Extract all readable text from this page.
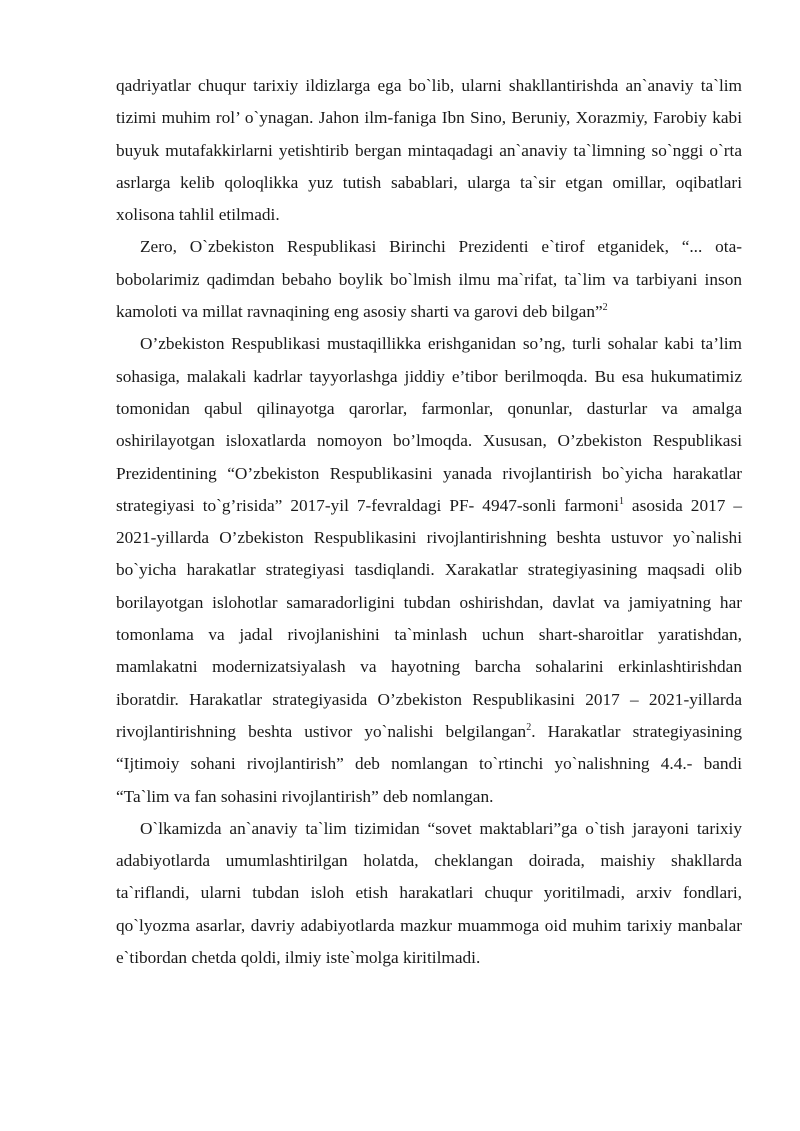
qadriyatlar chuqur tarixiy ildizlarga ega bo`lib, ularni shakllantirishda an`anaviy ta`lim tizimi muhim rol’ o`ynagan. Jahon ilm-faniga Ibn Sino, Beruniy, Xorazmiy, Farobiy kabi buyuk mutafakkirlarni yetishtirib bergan mintaqadagi an`anaviy ta`limning so`nggi o`rta asrlarga kelib qoloqlikka yuz tutish sabablari, ularga ta`sir etgan omillar, oqibatlari xolisona tahlil etilmadi.

Zero, O`zbekiston Respublikasi Birinchi Prezidenti e`tirof etganidek, “... ota-bobolarimiz qadimdan bebaho boylik bo`lmish ilmu ma`rifat, ta`lim va tarbiyani inson kamoloti va millat ravnaqining eng asosiy sharti va garovi deb bilgan”$^2$

O’zbekiston Respublikasi mustaqillikka erishganidan so’ng, turli sohalar kabi ta’lim sohasiga, malakali kadrlar tayyorlashga jiddiy e’tibor berilmoqda. Bu esa hukumatimiz tomonidan qabul qilinayotga qarorlar, farmonlar, qonunlar, dasturlar va amalga oshirilayotgan isloxatlarda nomoyon bo’lmoqda. Xususan, O’zbekiston Respublikasi Prezidentining “O’zbekiston Respublikasini yanada rivojlantirish bo`yicha harakatlar strategiyasi to`g’risida” 2017-yil 7-fevraldagi PF- 4947-sonli farmoni$^1$ asosida 2017 – 2021-yillarda O’zbekiston Respublikasini rivojlantirishning beshta ustuvor yo`nalishi bo`yicha harakatlar strategiyasi tasdiqlandi. Xarakatlar strategiyasining maqsadi olib borilayotgan islohotlar samaradorligini tubdan oshirishdan, davlat va jamiyatning har tomonlama va jadal rivojlanishini ta`minlash uchun shart-sharoitlar yaratishdan, mamlakatni modernizatsiyalash va hayotning barcha sohalarini erkinlashtirishdan iboratdir. Harakatlar strategiyasida O’zbekiston Respublikasini 2017 – 2021-yillarda rivojlantirishning beshta ustivor yo`nalishi belgilangan$^2$. Harakatlar strategiyasining “Ijtimoiy sohani rivojlantirish” deb nomlangan to`rtinchi yo`nalishning 4.4.- bandi “Ta`lim va fan sohasini rivojlantirish” deb nomlangan.

O`lkamizda an`anaviy ta`lim tizimidan “sovet maktablari”ga o`tish jarayoni tarixiy adabiyotlarda umumlashtirilgan holatda, cheklangan doirada, maishiy shakllarda ta`riflandi, ularni tubdan isloh etish harakatlari chuqur yoritilmadi, arxiv fondlari, qo`lyozma asarlar, davriy adabiyotlarda mazkur muammoga oid muhim tarixiy manbalar e`tibordan chetda qoldi, ilmiy iste`molga kiritilmadi.
